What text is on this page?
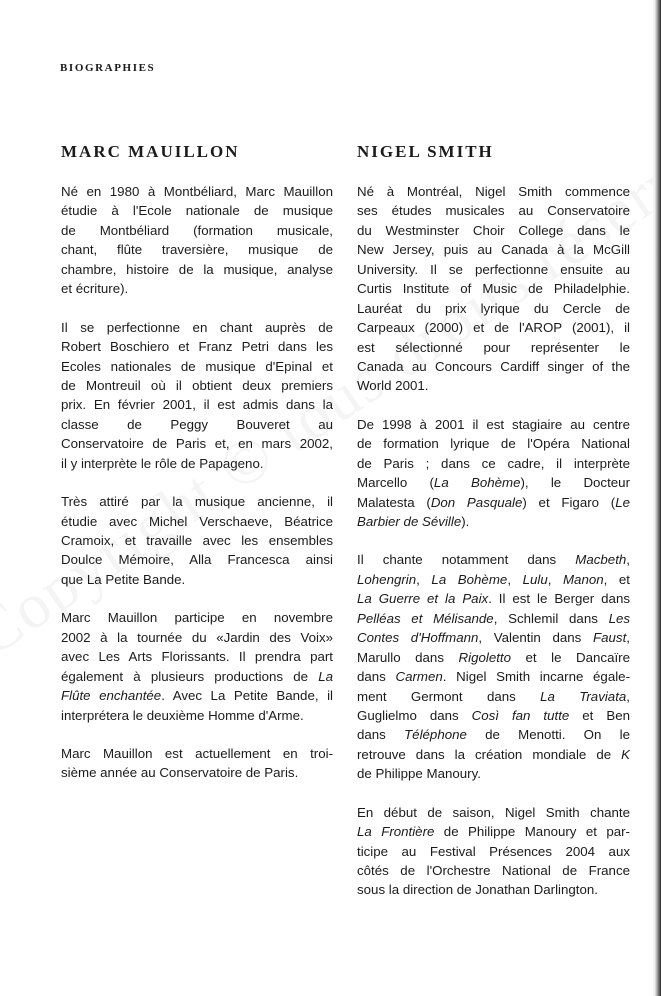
BIOGRAPHIES
MARC MAUILLON

Né en 1980 à Montbéliard, Marc Mauillon
étudie à l'Ecole nationale de musique
de Montbéliard (formation musicale,
chant, flûte traversière, musique de
chambre, histoire de la musique, analyse
et écriture).

Il se perfectionne en chant auprès de
Robert Boschiero et Franz Petri dans les
Ecoles nationales de musique d'Epinal et
de Montreuil où il obtient deux premiers
prix. En février 2001, il est admis dans la
classe de Peggy Bouveret au
Conservatoire de Paris et, en mars 2002,
il y interprète le rôle de Papageno.

Très attiré par la musique ancienne, il
étudie avec Michel Verschaeve, Béatrice
Cramoix, et travaille avec les ensembles
Doulce Mémoire, Alla Francesca ainsi
que La Petite Bande.

Marc Mauillon participe en novembre
2002 à la tournée du «Jardin des Voix»
avec Les Arts Florissants. Il prendra part
également à plusieurs productions de La
Flûte enchantée. Avec La Petite Bande, il
interprétera le deuxième Homme d'Arme.

Marc Mauillon est actuellement en troi-
sième année au Conservatoire de Paris.

NIGEL SMITH

Né à Montréal, Nigel Smith commence
ses études musicales au Conservatoire
du Westminster Choir College dans le
New Jersey, puis au Canada à la McGill
University. Il se perfectionne ensuite au
Curtis Institute of Music de Philadelphie.
Lauréat du prix lyrique du Cercle de
Carpeaux (2000) et de l'AROP (2001), il
est sélectionné pour représenter le
Canada au Concours Cardiff singer of the
World 2001.

De 1998 à 2001 il est stagiaire au centre
de formation lyrique de l'Opéra National
de Paris ; dans ce cadre, il interprète
Marcello (La Bohème), le Docteur
Malatesta (Don Pasquale) et Figaro (Le
Barbier de Séville).

Il chante notamment dans Macbeth,
Lohengrin, La Bohème, Lulu, Manon, et
La Guerre et la Paix. Il est le Berger dans
Pelléas et Mélisande, Schlemil dans Les
Contes d'Hoffmann, Valentin dans Faust,
Marullo dans Rigoletto et le Dancaïre
dans Carmen. Nigel Smith incarne égale-
ment Germont dans La Traviata,
Guglielmo dans Così fan tutte et Ben
dans Téléphone de Menotti. On le
retrouve dans la création mondiale de K
de Philippe Manoury.

En début de saison, Nigel Smith chante
La Frontière de Philippe Manoury et par-
ticipe au Festival Présences 2004 aux
côtés de l'Orchestre National de France
sous la direction de Jonathan Darlington.
